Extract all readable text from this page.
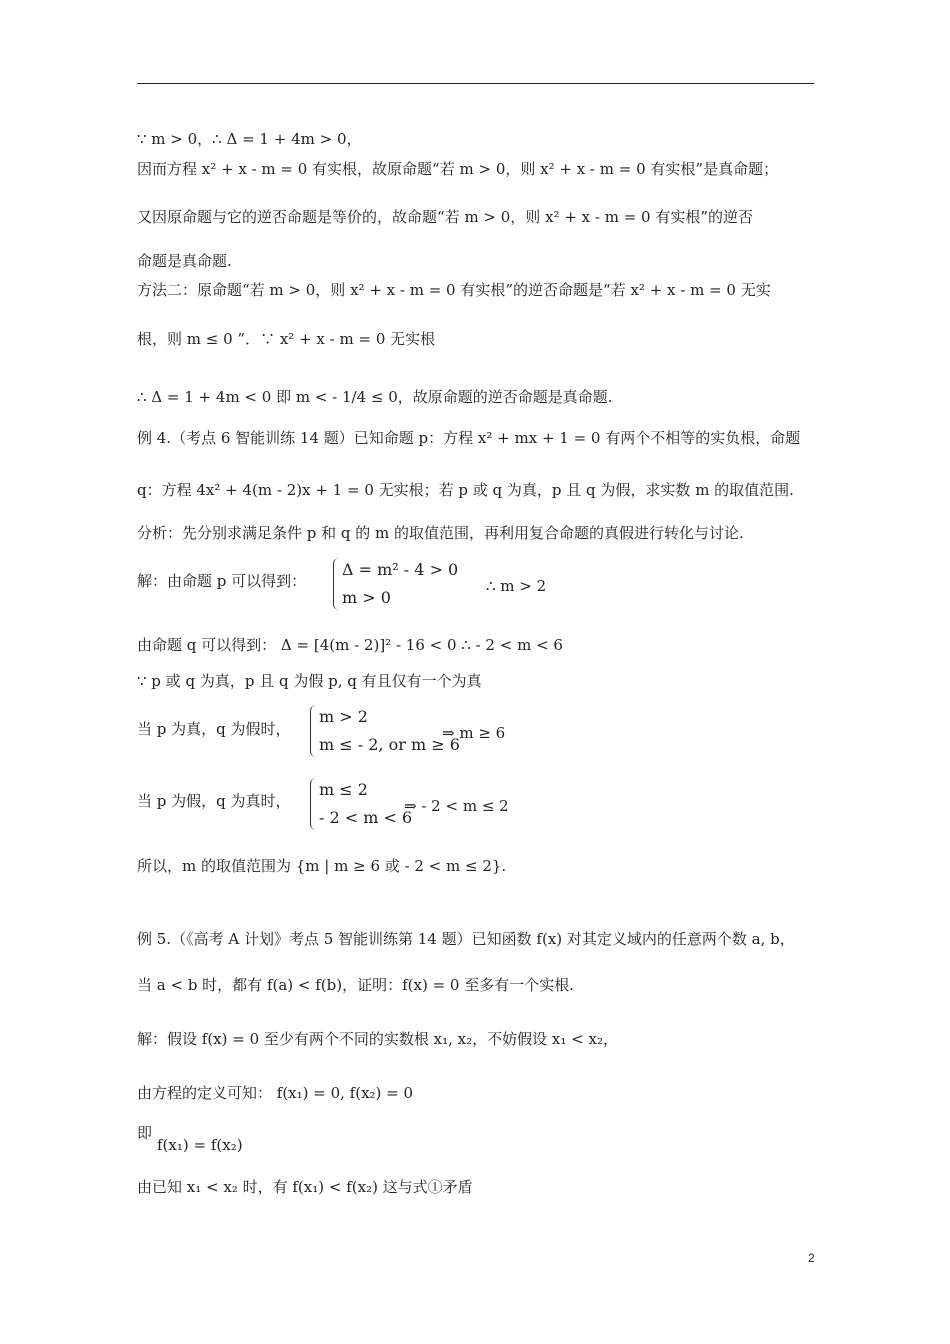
∵ m > 0，∴ Δ = 1 + 4m > 0，
因而方程 x² + x - m = 0 有实根，故原命题“若 m > 0，则 x² + x - m = 0 有实根”是真命题；
又因原命题与它的逆否命题是等价的，故命题“若 m > 0，则 x² + x - m = 0 有实根”的逆否
命题是真命题.
方法二：原命题“若 m > 0，则 x² + x - m = 0 有实根”的逆否命题是“若 x² + x - m = 0 无实
根，则 m ≤ 0 ”．∵ x² + x - m = 0 无实根
∴ Δ = 1 + 4m < 0 即 m < - 1/4 ≤ 0，故原命题的逆否命题是真命题.
例 4.（考点 6 智能训练 14 题）已知命题 p：方程 x² + mx + 1 = 0 有两个不相等的实负根，命题
q：方程 4x² + 4(m - 2)x + 1 = 0 无实根；若 p 或 q 为真，p 且 q 为假，求实数 m 的取值范围.
分析：先分别求满足条件 p 和 q 的 m 的取值范围，再利用复合命题的真假进行转化与讨论.
解：由命题 p 可以得到：
Δ = m² - 4 > 0
m > 0
∴ m > 2
由命题 q 可以得到： Δ = [4(m - 2)]² - 16 < 0 ∴ - 2 < m < 6
∵ p 或 q 为真，p 且 q 为假 p, q 有且仅有一个为真
当 p 为真，q 为假时，
m > 2
m ≤ - 2, or m ≥ 6
⇒ m ≥ 6
当 p 为假，q 为真时，
m ≤ 2
- 2 < m < 6
⇒ - 2 < m ≤ 2
所以，m 的取值范围为 {m | m ≥ 6 或 - 2 < m ≤ 2}.
例 5.（《高考 A 计划》考点 5 智能训练第 14 题）已知函数 f(x) 对其定义域内的任意两个数 a, b，
当 a < b 时，都有 f(a) < f(b)，证明：f(x) = 0 至多有一个实根.
解：假设 f(x) = 0 至少有两个不同的实数根 x₁, x₂，不妨假设 x₁ < x₂，
由方程的定义可知： f(x₁) = 0, f(x₂) = 0
即
f(x₁) = f(x₂)
由已知 x₁ < x₂ 时，有 f(x₁) < f(x₂) 这与式①矛盾
2
